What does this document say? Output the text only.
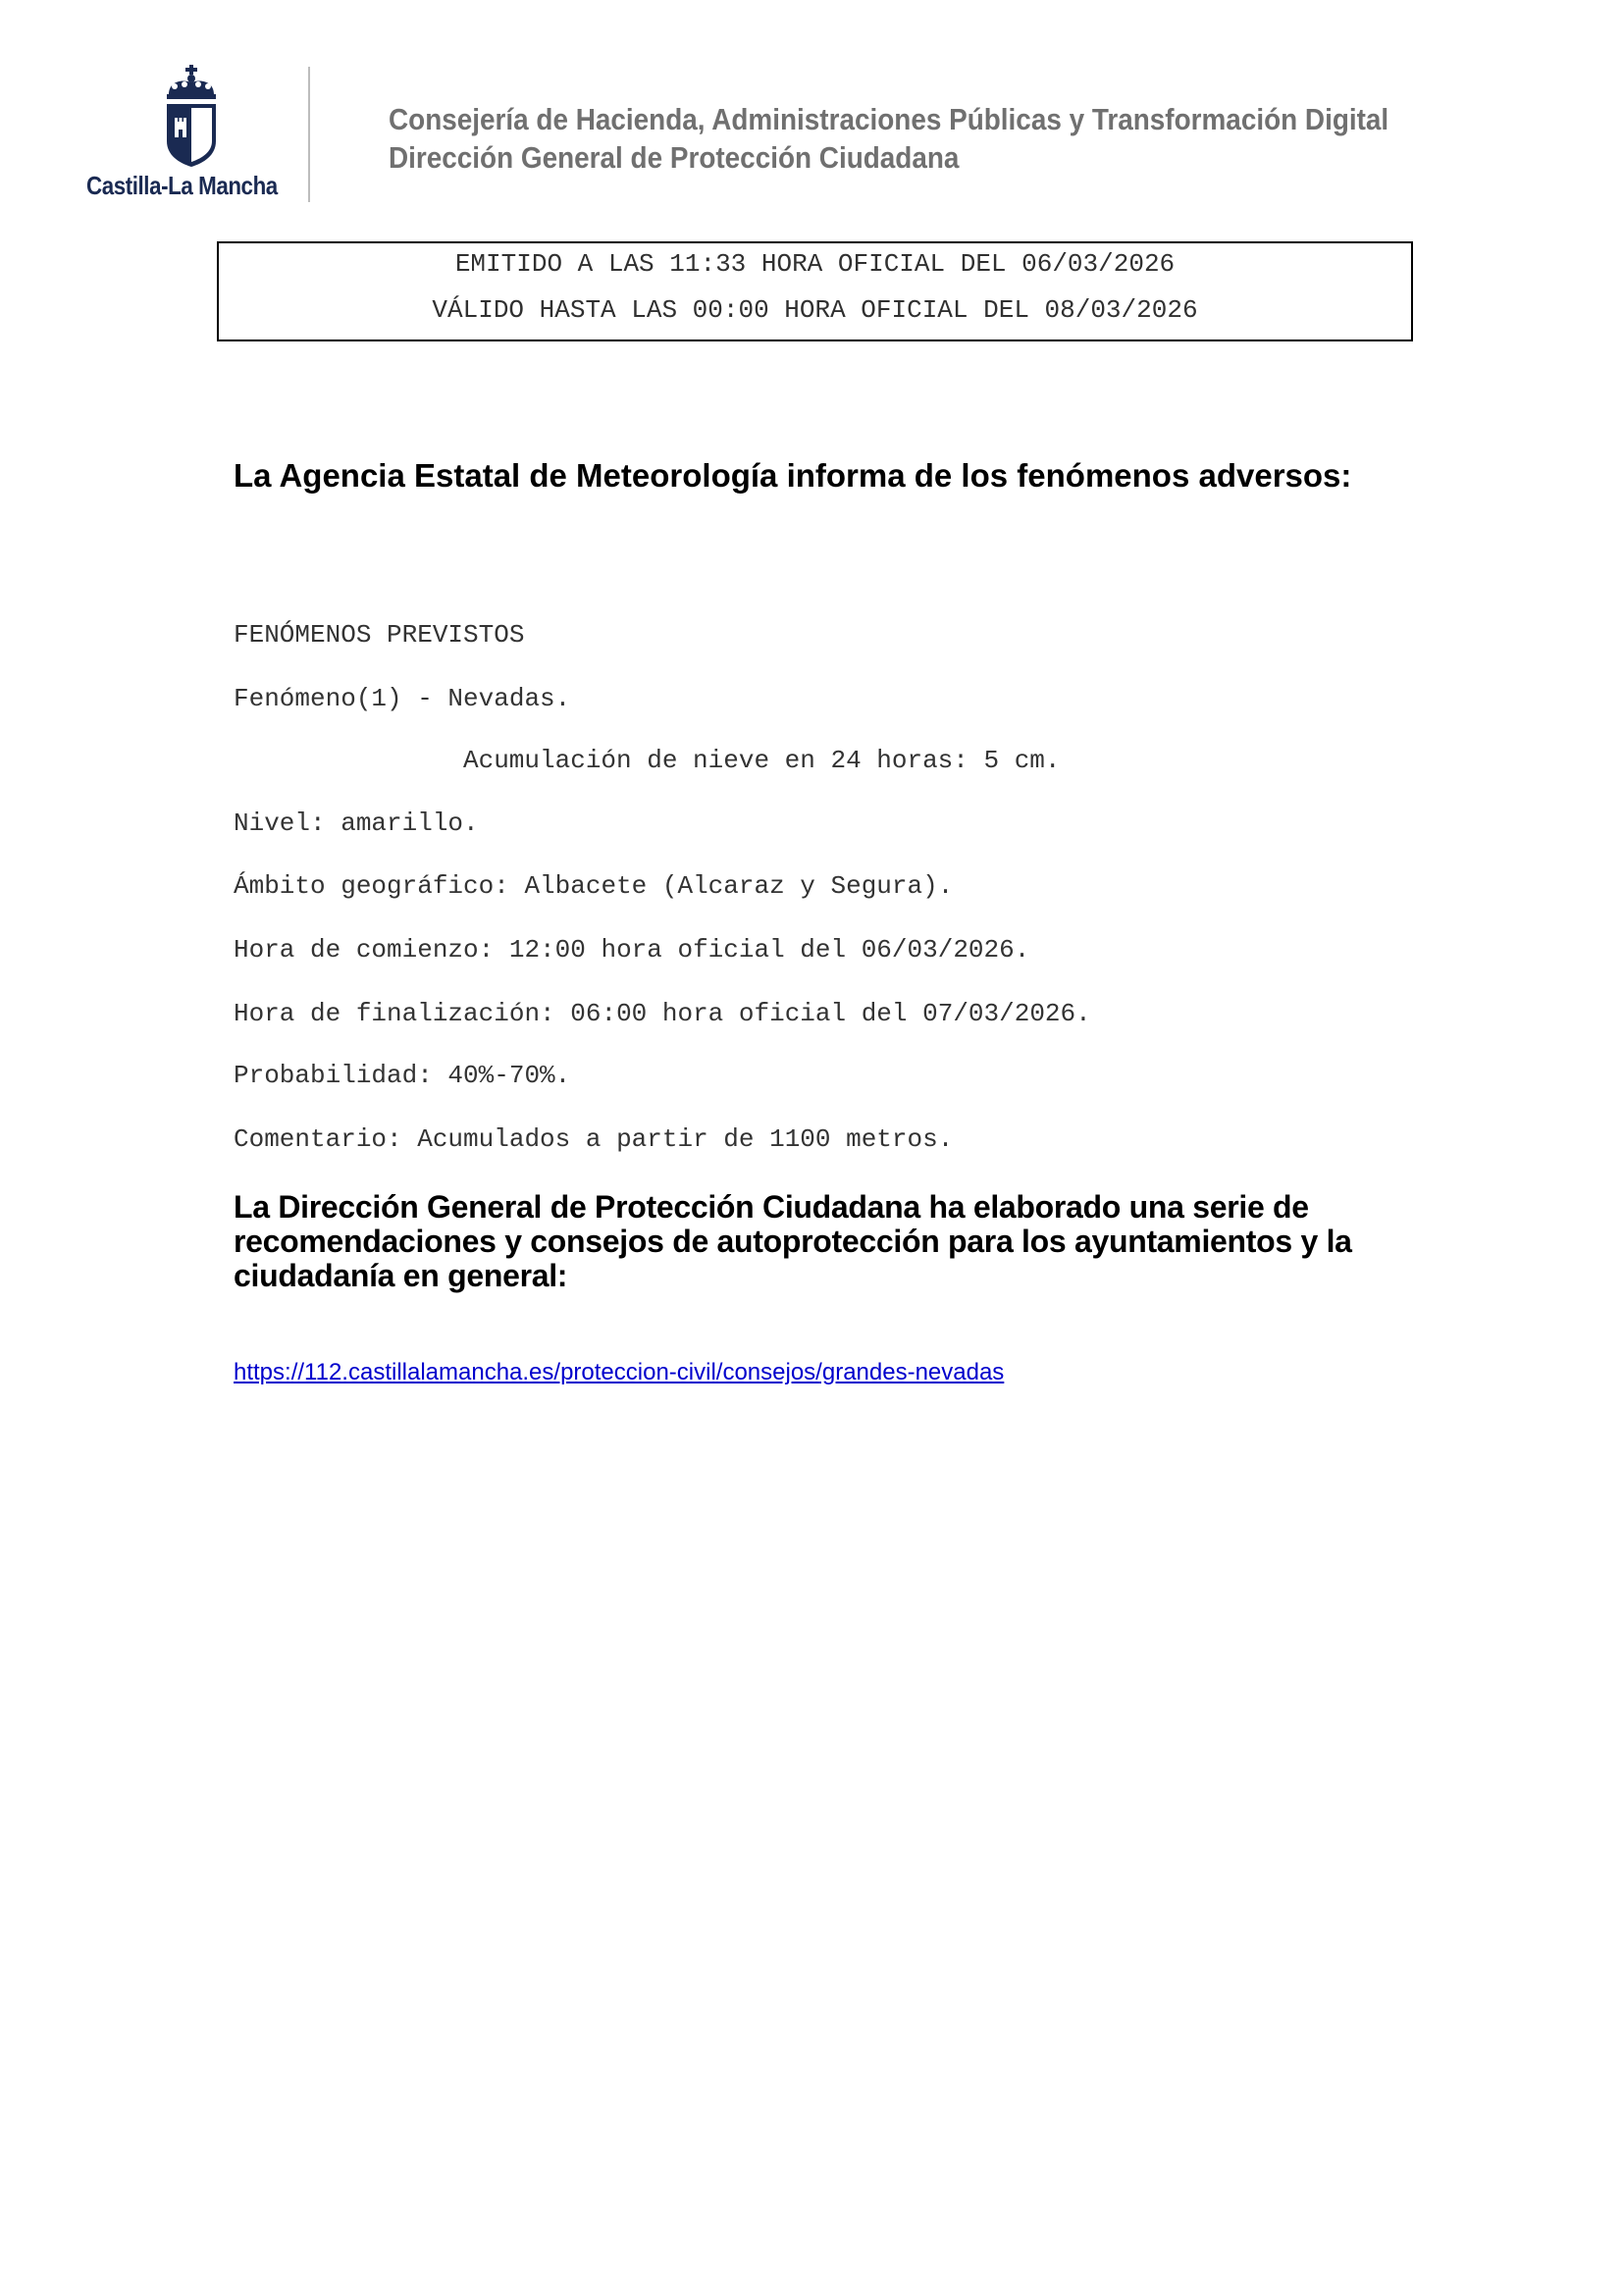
Castilla-La Mancha
Consejería de Hacienda, Administraciones Públicas y Transformación Digital
Dirección General de Protección Ciudadana
EMITIDO A LAS 11:33 HORA OFICIAL DEL 06/03/2026
VÁLIDO HASTA LAS 00:00 HORA OFICIAL DEL 08/03/2026
La Agencia Estatal de Meteorología informa de los fenómenos adversos:
FENÓMENOS PREVISTOS
Fenómeno(1) - Nevadas.
Acumulación de nieve en 24 horas: 5 cm.
Nivel: amarillo.
Ámbito geográfico: Albacete (Alcaraz y Segura).
Hora de comienzo: 12:00 hora oficial del 06/03/2026.
Hora de finalización: 06:00 hora oficial del 07/03/2026.
Probabilidad: 40%-70%.
Comentario: Acumulados a partir de 1100 metros.
La Dirección General de Protección Ciudadana ha elaborado una serie de
recomendaciones y consejos de autoprotección para los ayuntamientos y la
ciudadanía en general:
https://112.castillalamancha.es/proteccion-civil/consejos/grandes-nevadas
